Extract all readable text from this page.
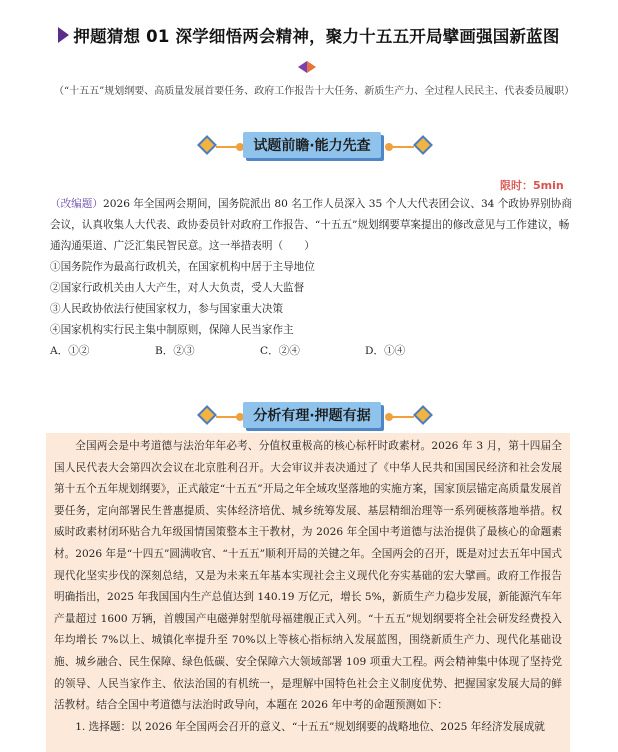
押题猜想 01 深学细悟两会精神，聚力十五五开局擘画强国新蓝图
（“十五五”规划纲要、高质量发展首要任务、政府工作报告十大任务、新质生产力、全过程人民民主、代表委员履职）
试题前瞻·能力先查
限时：5min

（改编题）2026 年全国两会期间，国务院派出 80 名工作人员深入 35 个人大代表团会议、34 个政协界别协商会议，认真收集人大代表、政协委员针对政府工作报告、“十五五”规划纲要草案提出的修改意见与工作建议，畅通沟通渠道、广泛汇集民智民意。这一举措表明（　　）

①国务院作为最高行政机关，在国家机构中居于主导地位

②国家行政机关由人大产生，对人大负责，受人大监督

③人民政协依法行使国家权力，参与国家重大决策

④国家机构实行民主集中制原则，保障人民当家作主

A．①②	B．②③	C．②④	D．①④
分析有理·押题有据

全国两会是中考道德与法治年年必考、分值权重极高的核心标杆时政素材。2026 年 3 月，第十四届全国人民代表大会第四次会议在北京胜利召开。大会审议并表决通过了《中华人民共和国国民经济和社会发展第十五个五年规划纲要》，正式敲定“十五五”开局之年全域攻坚落地的实施方案，国家顶层锚定高质量发展首要任务，定向部署民生普惠提质、实体经济培优、城乡统筹发展、基层精细治理等一系列硬核落地举措。权威时政素材闭环贴合九年级国情国策整本主干教材，为 2026 年全国中考道德与法治提供了最核心的命题素材。2026 年是“十四五”圆满收官、“十五五”顺利开局的关键之年。全国两会的召开，既是对过去五年中国式现代化坚实步伐的深刻总结，又是为未来五年基本实现社会主义现代化夯实基础的宏大擘画。政府工作报告明确指出，2025 年我国国内生产总值达到 140.19 万亿元，增长 5%，新质生产力稳步发展，新能源汽车年产量超过 1600 万辆，首艘国产电磁弹射型航母福建舰正式入列。“十五五”规划纲要将全社会研发经费投入年均增长 7%以上、城镇化率提升至 70%以上等核心指标纳入发展蓝图，围绕新质生产力、现代化基础设施、城乡融合、民生保障、绿色低碳、安全保障六大领域部署 109 项重大工程。两会精神集中体现了坚持党的领导、人民当家作主、依法治国的有机统一，是理解中国特色社会主义制度优势、把握国家发展大局的鲜活教材。结合全国中考道德与法治时政导向，本题在 2026 年中考的命题预测如下：

1. 选择题：以 2026 年全国两会召开的意义、“十五五”规划纲要的战略地位、2025 年经济发展成就
